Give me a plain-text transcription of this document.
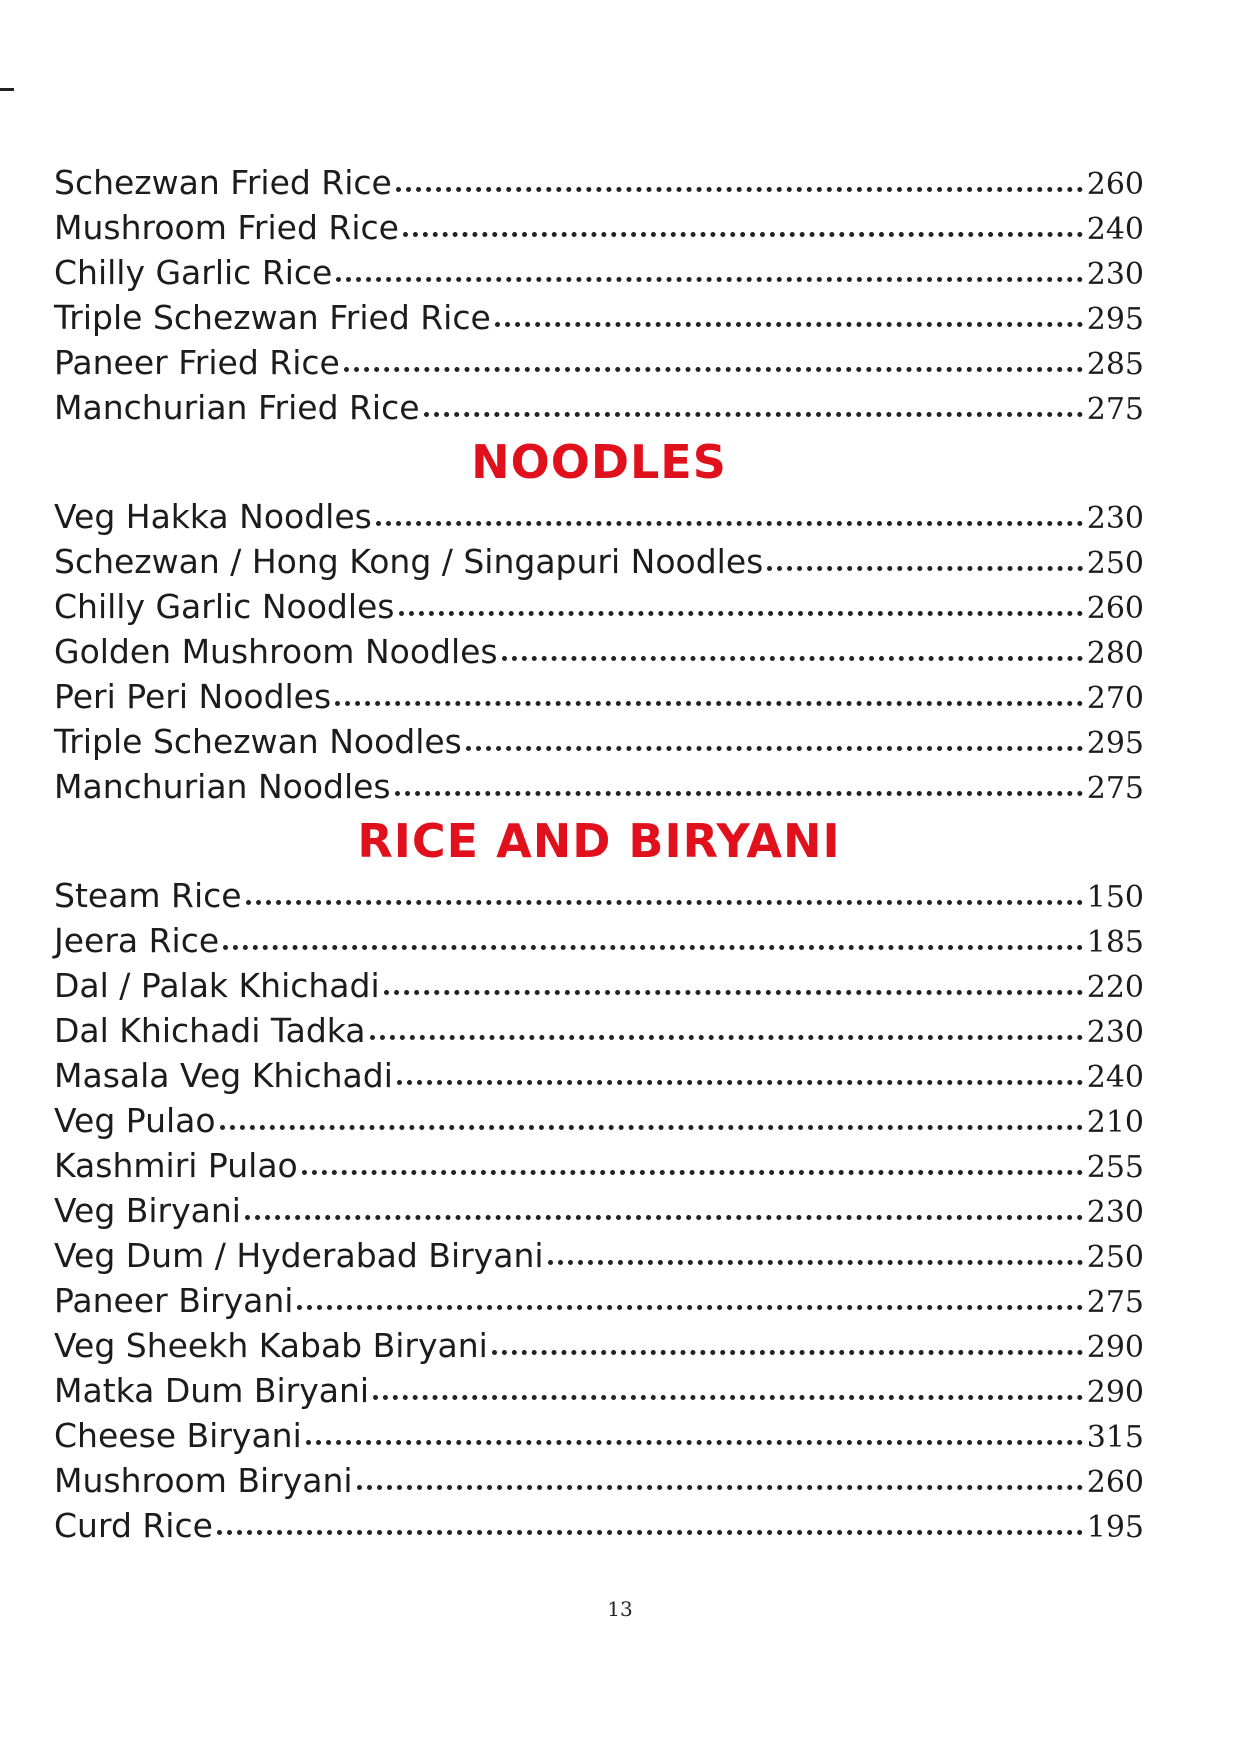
Schezwan Fried Rice	260
Mushroom Fried Rice	240
Chilly Garlic Rice	230
Triple Schezwan Fried Rice	295
Paneer Fried Rice	285
Manchurian Fried Rice	275
NOODLES
Veg Hakka Noodles	230
Schezwan / Hong Kong / Singapuri Noodles	250
Chilly Garlic Noodles	260
Golden Mushroom Noodles	280
Peri Peri Noodles	270
Triple Schezwan Noodles	295
Manchurian Noodles	275
RICE AND BIRYANI
Steam Rice	150
Jeera Rice	185
Dal / Palak Khichadi	220
Dal Khichadi Tadka	230
Masala Veg Khichadi	240
Veg Pulao	210
Kashmiri Pulao	255
Veg Biryani	230
Veg Dum / Hyderabad Biryani	250
Paneer Biryani	275
Veg Sheekh Kabab Biryani	290
Matka Dum Biryani	290
Cheese Biryani	315
Mushroom Biryani	260
Curd Rice	195
13
